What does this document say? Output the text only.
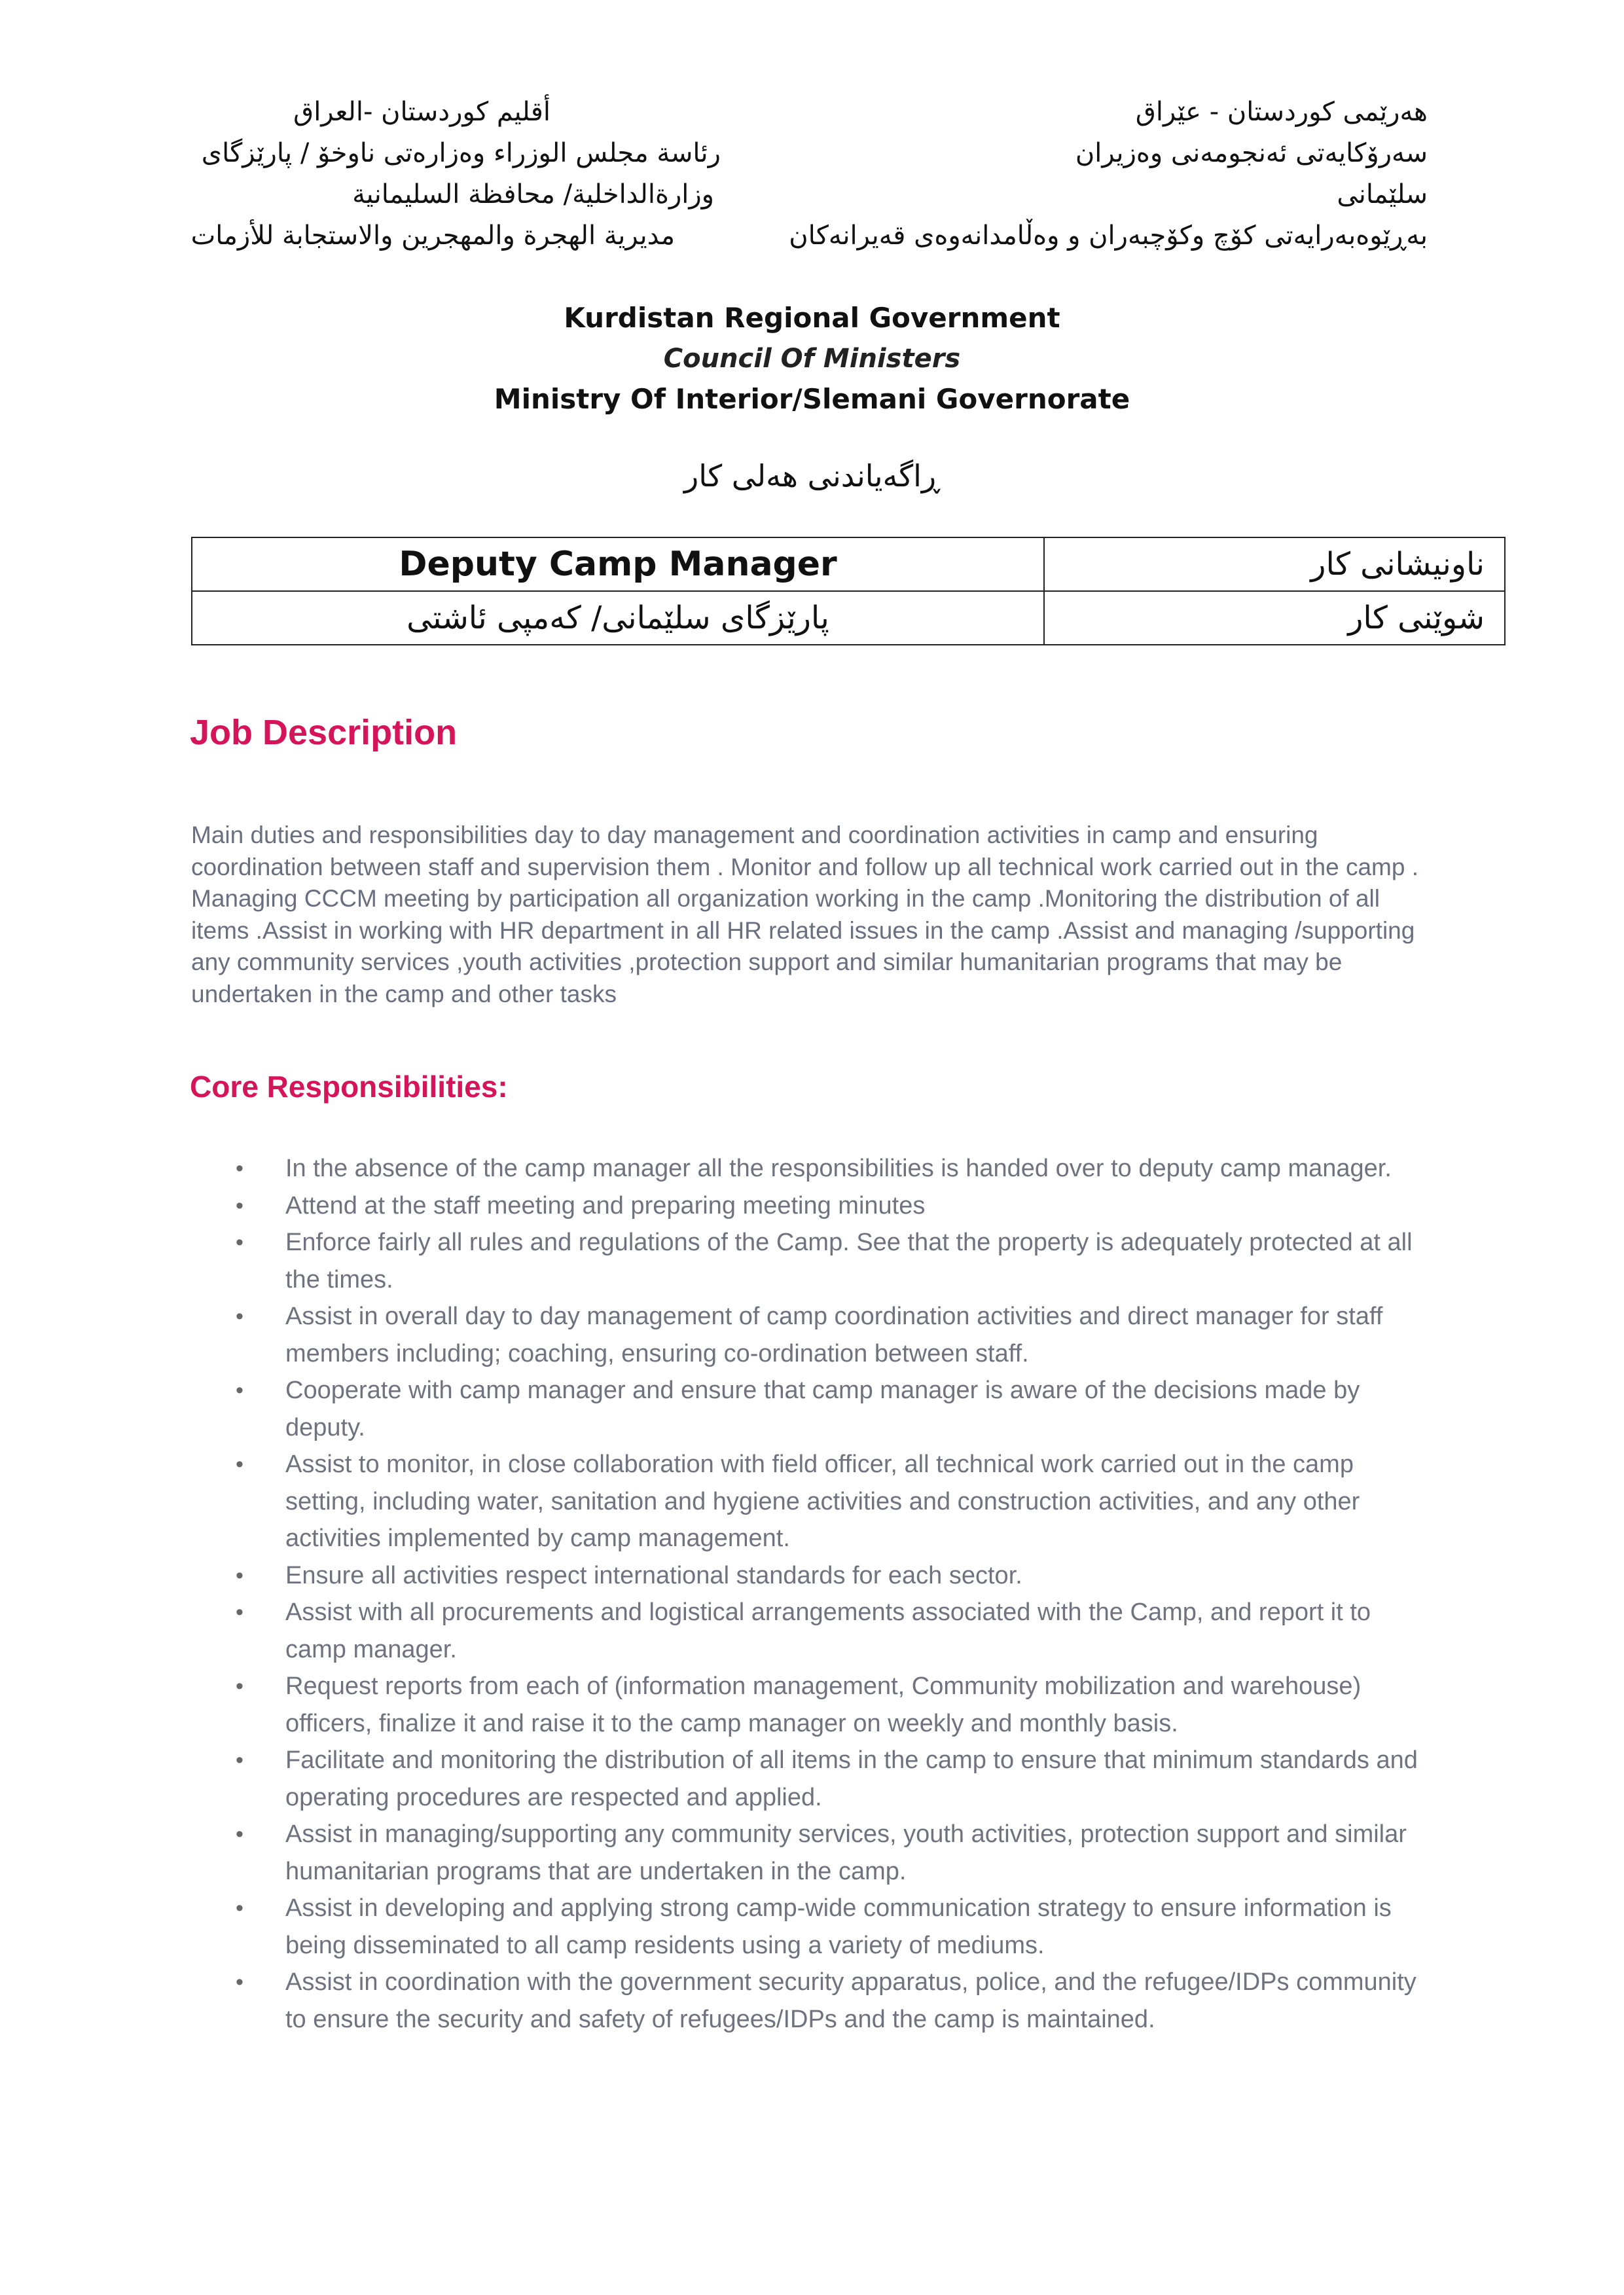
هەرێمی کوردستان - عێراق
سەرۆکایەتی ئەنجومەنی وەزیران
سلێمانی
بەڕێوەبەرایەتی کۆچ وکۆچبەران و وەڵامدانەوەی قەیرانەکان
أقليم كوردستان -العراق
رئاسة مجلس الوزراء وەزارەتی ناوخۆ / پارێزگای
وزارةالداخلية/ محافظة السليمانية
مديرية الهجرة والمهجرين والاستجابة للأزمات
Kurdistan Regional Government
Council Of Ministers
Ministry Of Interior/Slemani Governorate
ڕاگەیاندنی هەلی کار
Deputy Camp Manager	ناونیشانی کار
پارێزگای سلێمانی/ کەمپی ئاشتی	شوێنی کار
Job Description

Main duties and responsibilities day to day management and coordination activities in camp and ensuring coordination between staff and supervision them . Monitor and follow up all technical work carried out in the camp . Managing CCCM meeting by participation all organization working in the camp .Monitoring the distribution of all items .Assist in working with HR department in all HR related issues in the camp .Assist and managing /supporting any community services ,youth activities ,protection support and similar humanitarian programs that may be undertaken in the camp and other tasks

Core Responsibilities:
• In the absence of the camp manager all the responsibilities is handed over to deputy camp manager.
• Attend at the staff meeting and preparing meeting minutes
• Enforce fairly all rules and regulations of the Camp. See that the property is adequately protected at all the times.
• Assist in overall day to day management of camp coordination activities and direct manager for staff members including; coaching, ensuring co-ordination between staff.
• Cooperate with camp manager and ensure that camp manager is aware of the decisions made by deputy.
• Assist to monitor, in close collaboration with field officer, all technical work carried out in the camp setting, including water, sanitation and hygiene activities and construction activities, and any other activities implemented by camp management.
• Ensure all activities respect international standards for each sector.
• Assist with all procurements and logistical arrangements associated with the Camp, and report it to camp manager.
• Request reports from each of (information management, Community mobilization and warehouse) officers, finalize it and raise it to the camp manager on weekly and monthly basis.
• Facilitate and monitoring the distribution of all items in the camp to ensure that minimum standards and operating procedures are respected and applied.
• Assist in managing/supporting any community services, youth activities, protection support and similar humanitarian programs that are undertaken in the camp.
• Assist in developing and applying strong camp-wide communication strategy to ensure information is being disseminated to all camp residents using a variety of mediums.
• Assist in coordination with the government security apparatus, police, and the refugee/IDPs community to ensure the security and safety of refugees/IDPs and the camp is maintained.
